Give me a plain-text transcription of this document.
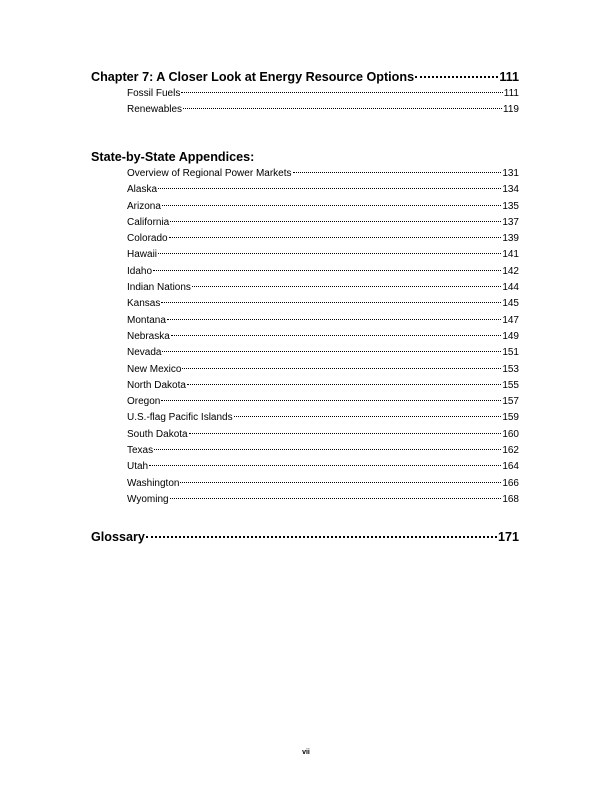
Chapter 7: A Closer Look at Energy Resource Options	111
Fossil Fuels	111
Renewables	119
State-by-State Appendices:
Overview of Regional Power Markets	131
Alaska	134
Arizona	135
California	137
Colorado	139
Hawaii	141
Idaho	142
Indian Nations	144
Kansas	145
Montana	147
Nebraska	149
Nevada	151
New Mexico	153
North Dakota	155
Oregon	157
U.S.-flag Pacific Islands	159
South Dakota	160
Texas	162
Utah	164
Washington	166
Wyoming	168
Glossary	171
vii
